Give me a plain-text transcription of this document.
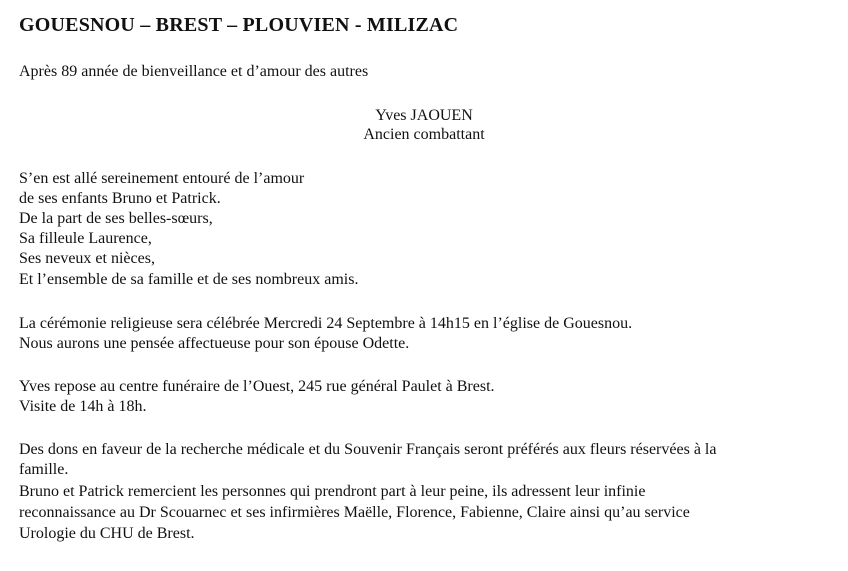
GOUESNOU – BREST – PLOUVIEN - MILIZAC
Après 89 année de bienveillance et d’amour des autres
Yves JAOUEN
Ancien combattant
S’en est allé sereinement entouré de l’amour
de ses enfants Bruno et Patrick.
De la part de ses belles-sœurs,
Sa filleule Laurence,
Ses neveux et nièces,
Et l’ensemble de sa famille et de ses nombreux amis.
La cérémonie religieuse sera célébrée Mercredi 24 Septembre à 14h15 en l’église de Gouesnou.
Nous aurons une pensée affectueuse pour son épouse Odette.
Yves repose au centre funéraire de l’Ouest, 245 rue général Paulet à Brest.
Visite de 14h à 18h.
Des dons en faveur de la recherche médicale et du Souvenir Français seront préférés aux fleurs réservées à la
famille.
Bruno et Patrick remercient les personnes qui prendront part à leur peine, ils adressent leur infinie
reconnaissance au Dr Scouarnec et ses infirmières Maëlle, Florence, Fabienne, Claire ainsi qu’au service
Urologie du CHU de Brest.
